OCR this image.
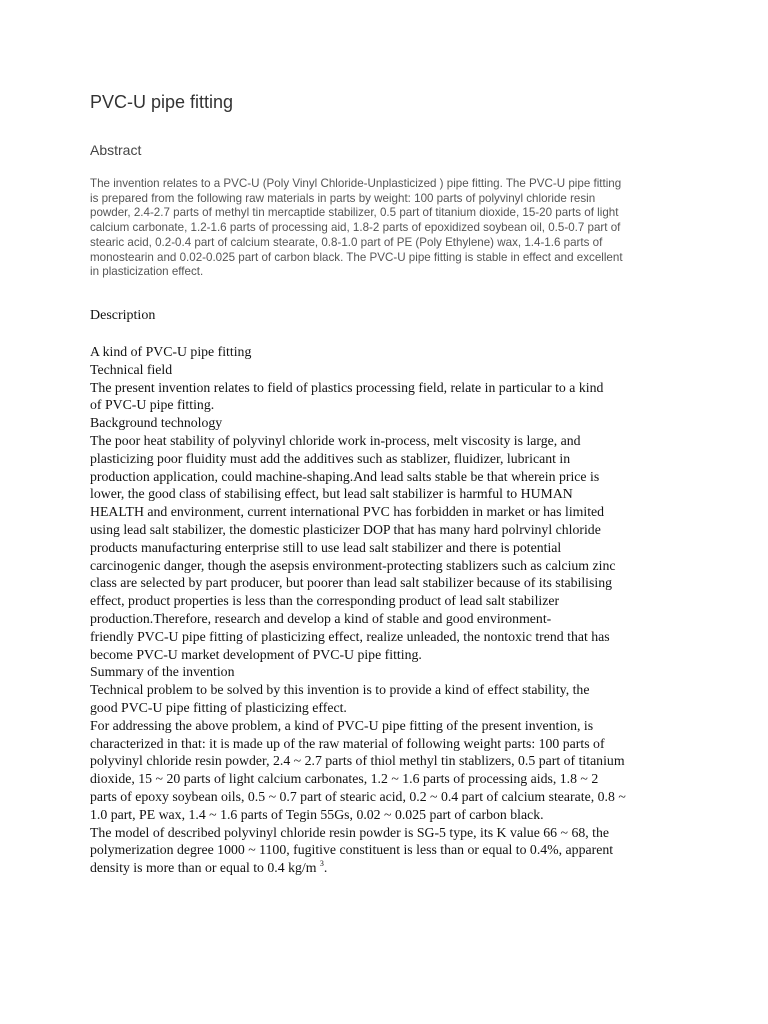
PVC-U pipe fitting
Abstract
The invention relates to a PVC-U (Poly Vinyl Chloride-Unplasticized ) pipe fitting. The PVC-U pipe fitting
is prepared from the following raw materials in parts by weight: 100 parts of polyvinyl chloride resin
powder, 2.4-2.7 parts of methyl tin mercaptide stabilizer, 0.5 part of titanium dioxide, 15-20 parts of light
calcium carbonate, 1.2-1.6 parts of processing aid, 1.8-2 parts of epoxidized soybean oil, 0.5-0.7 part of
stearic acid, 0.2-0.4 part of calcium stearate, 0.8-1.0 part of PE (Poly Ethylene) wax, 1.4-1.6 parts of
monostearin and 0.02-0.025 part of carbon black. The PVC-U pipe fitting is stable in effect and excellent
in plasticization effect.
Description
A kind of PVC-U pipe fitting
Technical field
The present invention relates to field of plastics processing field, relate in particular to a kind
of PVC-U pipe fitting.
Background technology
The poor heat stability of polyvinyl chloride work in-process, melt viscosity is large, and
plasticizing poor fluidity must add the additives such as stablizer, fluidizer, lubricant in
production application, could machine-shaping.And lead salts stable be that wherein price is
lower, the good class of stabilising effect, but lead salt stabilizer is harmful to HUMAN
HEALTH and environment, current international PVC has forbidden in market or has limited
using lead salt stabilizer, the domestic plasticizer DOP that has many hard polrvinyl chloride
products manufacturing enterprise still to use lead salt stabilizer and there is potential
carcinogenic danger, though the asepsis environment-protecting stablizers such as calcium zinc
class are selected by part producer, but poorer than lead salt stabilizer because of its stabilising
effect, product properties is less than the corresponding product of lead salt stabilizer
production.Therefore, research and develop a kind of stable and good environment-
friendly PVC-U pipe fitting of plasticizing effect, realize unleaded, the nontoxic trend that has
become PVC-U market development of PVC-U pipe fitting.
Summary of the invention
Technical problem to be solved by this invention is to provide a kind of effect stability, the
good PVC-U pipe fitting of plasticizing effect.
For addressing the above problem, a kind of PVC-U pipe fitting of the present invention, is
characterized in that: it is made up of the raw material of following weight parts: 100 parts of
polyvinyl chloride resin powder, 2.4 ~ 2.7 parts of thiol methyl tin stablizers, 0.5 part of titanium
dioxide, 15 ~ 20 parts of light calcium carbonates, 1.2 ~ 1.6 parts of processing aids, 1.8 ~ 2
parts of epoxy soybean oils, 0.5 ~ 0.7 part of stearic acid, 0.2 ~ 0.4 part of calcium stearate, 0.8 ~
1.0 part, PE wax, 1.4 ~ 1.6 parts of Tegin 55Gs, 0.02 ~ 0.025 part of carbon black.
The model of described polyvinyl chloride resin powder is SG-5 type, its K value 66 ~ 68, the
polymerization degree 1000 ~ 1100, fugitive constituent is less than or equal to 0.4%, apparent
density is more than or equal to 0.4 kg/m $^3$.
